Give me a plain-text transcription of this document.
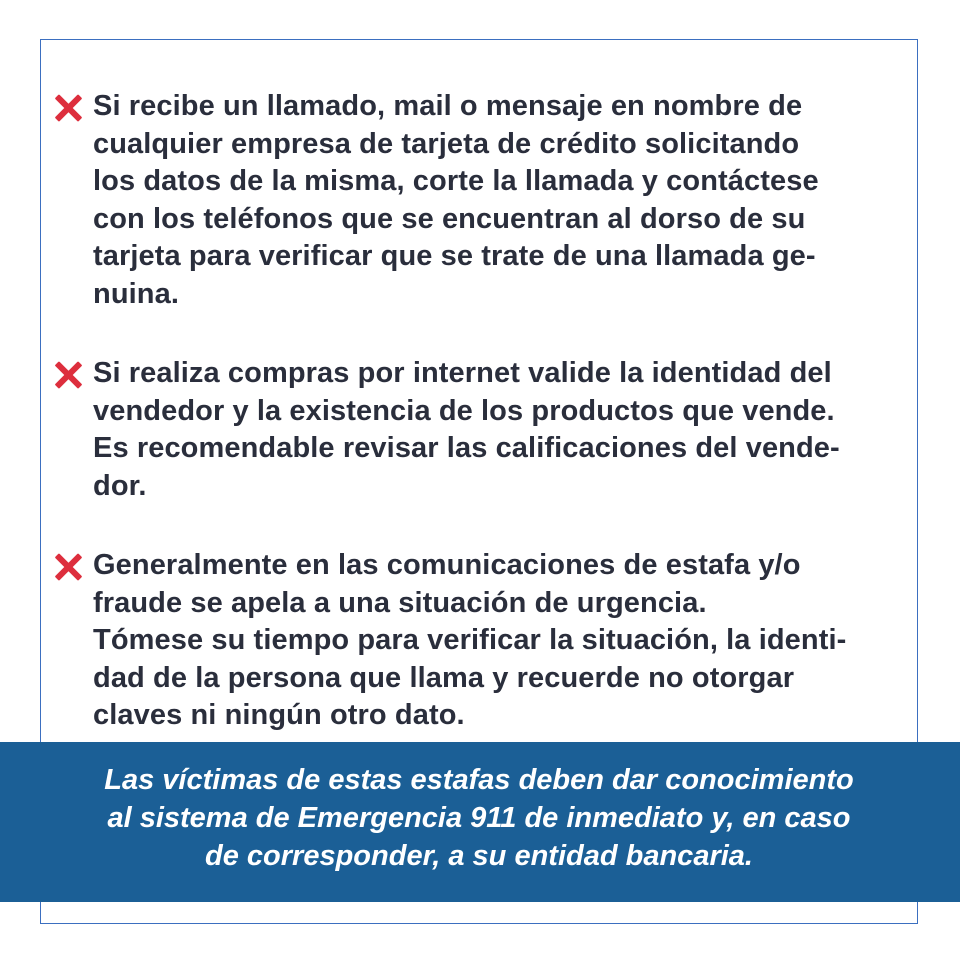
Si recibe un llamado, mail o mensaje en nombre de
cualquier empresa de tarjeta de crédito solicitando
los datos de la misma, corte la llamada y contáctese
con los teléfonos que se encuentran al dorso de su
tarjeta para verificar que se trate de una llamada ge-
nuina.
Si realiza compras por internet valide la identidad del
vendedor y la existencia de los productos que vende.
Es recomendable revisar las calificaciones del vende-
dor.
Generalmente en las comunicaciones de estafa y/o
fraude se apela a una situación de urgencia.
Tómese su tiempo para verificar la situación, la identi-
dad de la persona que llama y recuerde no otorgar
claves ni ningún otro dato.
Las víctimas de estas estafas deben dar conocimiento
al sistema de Emergencia 911 de inmediato y, en caso
de corresponder, a su entidad bancaria.
